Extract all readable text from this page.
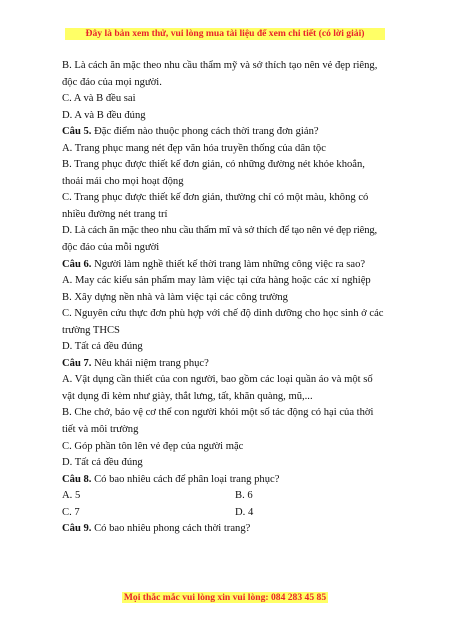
Đây là bản xem thử, vui lòng mua tài liệu để xem chi tiết (có lời giải)

B. Là cách ăn mặc theo nhu cầu thẩm mỹ và sở thích tạo nên vẻ đẹp riêng,

độc đáo của mọi người.

C. A và B đều sai

D. A và B đều đúng

Câu 5. Đặc điểm nào thuộc phong cách thời trang đơn giản?

A. Trang phục mang nét đẹp văn hóa truyền thống của dân tộc

B. Trang phục được thiết kế đơn giản, có những đường nét khỏe khoắn,

thoải mái cho mọi hoạt động

C. Trang phục được thiết kế đơn giản, thường chỉ có một màu, không có

nhiều đường nét trang trí

D. Là cách ăn mặc theo nhu cầu thẩm mĩ và sở thích để tạo nên vẻ đẹp riêng,

độc đáo của mỗi người

Câu 6. Người làm nghề thiết kế thời trang làm những công việc ra sao?

A. May các kiểu sản phẩm may làm việc tại cửa hàng hoặc các xí nghiệp

B. Xây dựng nền nhà và làm việc tại các công trường

C. Nguyên cứu thực đơn phù hợp với chế độ dinh dưỡng cho học sinh ở các

trường THCS

D. Tất cả đều đúng

Câu 7. Nêu khái niệm trang phục?

A. Vật dụng cần thiết của con người, bao gồm các loại quần áo và một số

vật dụng đi kèm như giày, thắt lưng, tất, khăn quàng, mũ,...

B. Che chở, bảo vệ cơ thể con người khỏi một số tác động có hại của thời

tiết và môi trường

C. Góp phần tôn lên vẻ đẹp của người mặc

D. Tất cả đều đúng

Câu 8. Có bao nhiêu cách để phân loại trang phục?

A. 5	B. 6
C. 7	D. 4

Câu 9. Có bao nhiêu phong cách thời trang?

Mọi thắc mắc vui lòng xin vui lòng: 084 283 45 85
